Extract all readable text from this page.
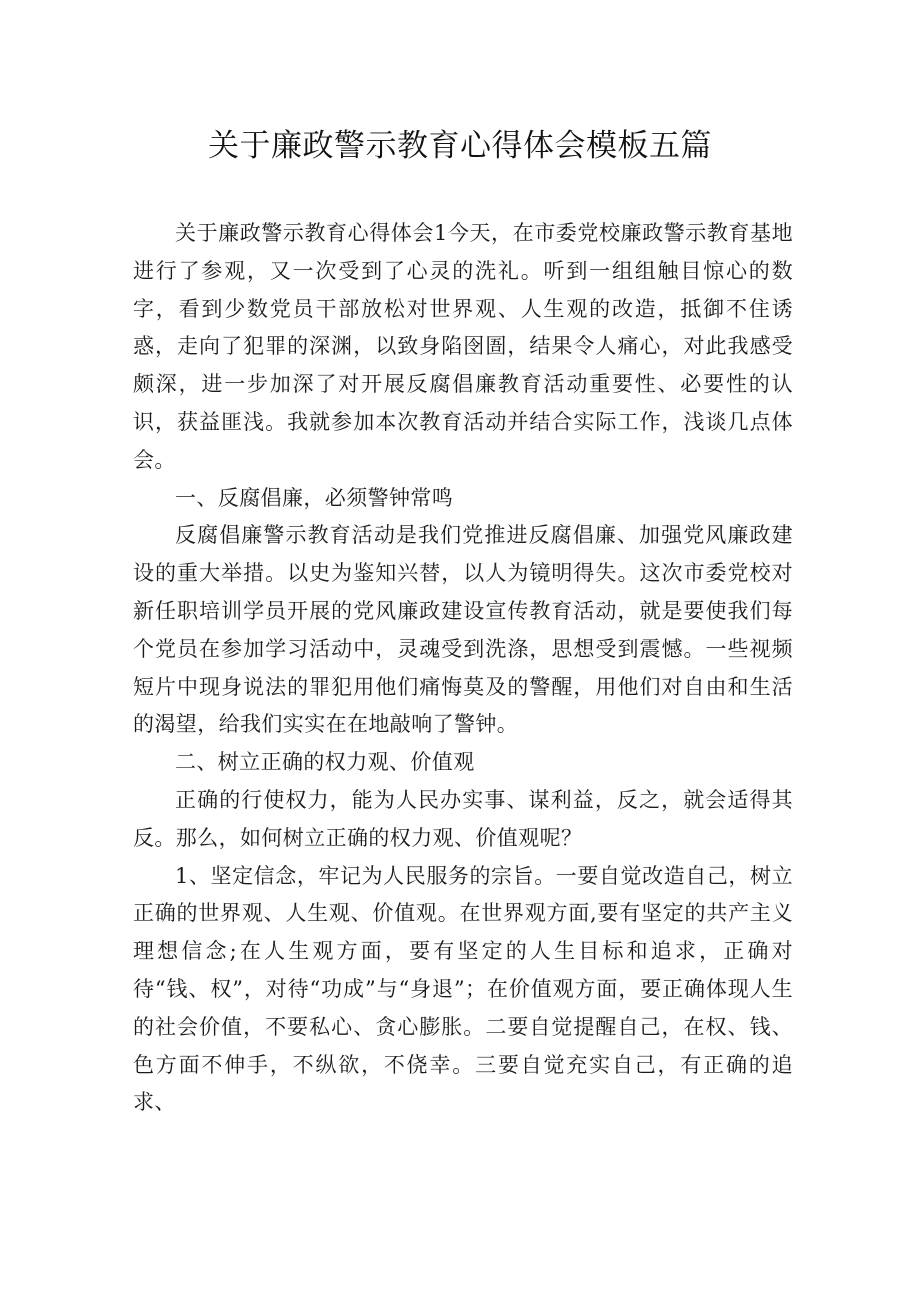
关于廉政警示教育心得体会模板五篇

关于廉政警示教育心得体会1今天，在市委党校廉政警示教育基地进行了参观，又一次受到了心灵的洗礼。听到一组组触目惊心的数字，看到少数党员干部放松对世界观、人生观的改造，抵御不住诱惑，走向了犯罪的深渊，以致身陷囹圄，结果令人痛心，对此我感受颇深，进一步加深了对开展反腐倡廉教育活动重要性、必要性的认识，获益匪浅。我就参加本次教育活动并结合实际工作，浅谈几点体会。

一、反腐倡廉，必须警钟常鸣

反腐倡廉警示教育活动是我们党推进反腐倡廉、加强党风廉政建设的重大举措。以史为鉴知兴替，以人为镜明得失。这次市委党校对新任职培训学员开展的党风廉政建设宣传教育活动，就是要使我们每个党员在参加学习活动中，灵魂受到洗涤，思想受到震憾。一些视频短片中现身说法的罪犯用他们痛悔莫及的警醒，用他们对自由和生活的渴望，给我们实实在在地敲响了警钟。

二、树立正确的权力观、价值观

正确的行使权力，能为人民办实事、谋利益，反之，就会适得其反。那么，如何树立正确的权力观、价值观呢？

1、坚定信念，牢记为人民服务的宗旨。一要自觉改造自己，树立正确的世界观、人生观、价值观。在世界观方面,要有坚定的共产主义理想信念;在人生观方面，要有坚定的人生目标和追求，正确对待“钱、权”，对待“功成”与“身退”；在价值观方面，要正确体现人生的社会价值，不要私心、贪心膨胀。二要自觉提醒自己，在权、钱、色方面不伸手，不纵欲，不侥幸。三要自觉充实自己，有正确的追求、
